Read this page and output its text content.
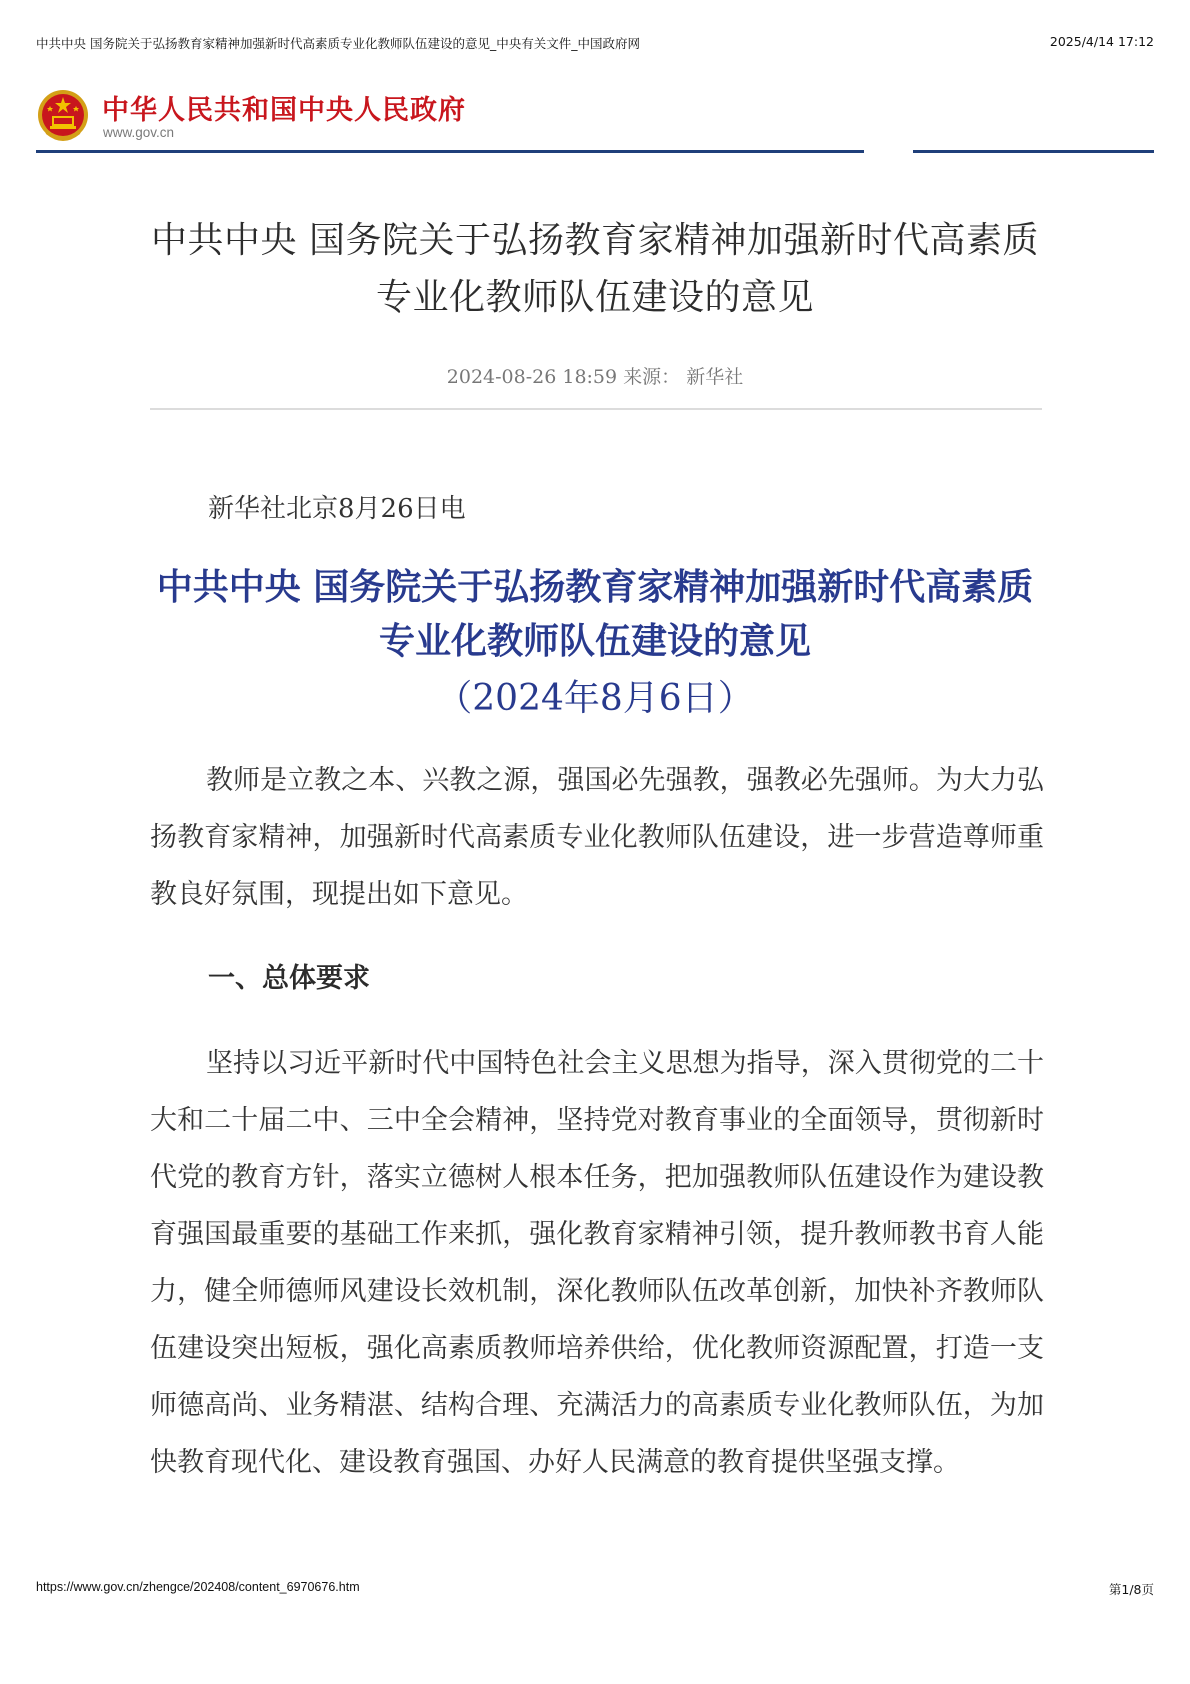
中共中央 国务院关于弘扬教育家精神加强新时代高素质专业化教师队伍建设的意见_中央有关文件_中国政府网	2025/4/14 17:12
中华人民共和国中央人民政府
www.gov.cn
中共中央 国务院关于弘扬教育家精神加强新时代高素质专业化教师队伍建设的意见
2024-08-26 18:59 来源： 新华社
新华社北京8月26日电
中共中央 国务院关于弘扬教育家精神加强新时代高素质专业化教师队伍建设的意见
（2024年8月6日）

教师是立教之本、兴教之源，强国必先强教，强教必先强师。为大力弘扬教育家精神，加强新时代高素质专业化教师队伍建设，进一步营造尊师重教良好氛围，现提出如下意见。

一、总体要求

坚持以习近平新时代中国特色社会主义思想为指导，深入贯彻党的二十大和二十届二中、三中全会精神，坚持党对教育事业的全面领导，贯彻新时代党的教育方针，落实立德树人根本任务，把加强教师队伍建设作为建设教育强国最重要的基础工作来抓，强化教育家精神引领，提升教师教书育人能力，健全师德师风建设长效机制，深化教师队伍改革创新，加快补齐教师队伍建设突出短板，强化高素质教师培养供给，优化教师资源配置，打造一支师德高尚、业务精湛、结构合理、充满活力的高素质专业化教师队伍，为加快教育现代化、建设教育强国、办好人民满意的教育提供坚强支撑。

https://www.gov.cn/zhengce/202408/content_6970676.htm	第1/8页
